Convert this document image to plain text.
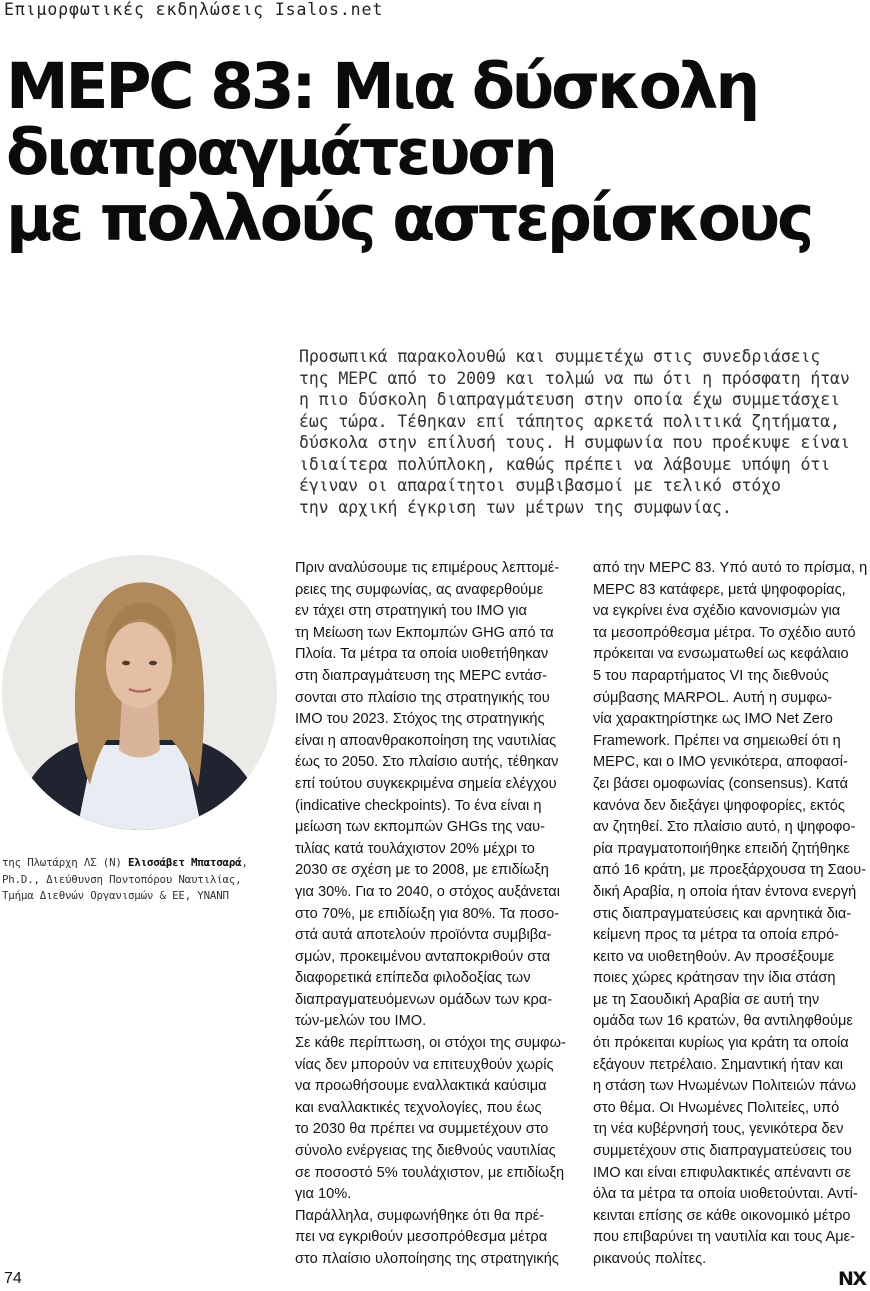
Επιμορφωτικές εκδηλώσεις Isalos.net
MEPC 83: Μια δύσκολη
διαπραγμάτευση
με πολλούς αστερίσκους
Προσωπικά παρακολουθώ και συμμετέχω στις συνεδριάσεις
της MEPC από το 2009 και τολμώ να πω ότι η πρόσφατη ήταν
η πιο δύσκολη διαπραγμάτευση στην οποία έχω συμμετάσχει
έως τώρα. Τέθηκαν επί τάπητος αρκετά πολιτικά ζητήματα,
δύσκολα στην επίλυσή τους. Η συμφωνία που προέκυψε είναι
ιδιαίτερα πολύπλοκη, καθώς πρέπει να λάβουμε υπόψη ότι
έγιναν οι απαραίτητοι συμβιβασμοί με τελικό στόχο
την αρχική έγκριση των μέτρων της συμφωνίας.
της Πλωτάρχη ΛΣ (Ν) Ελισσάβετ Μπατσαρά,
Ph.D., Διεύθυνση Ποντοπόρου Ναυτιλίας,
Τμήμα Διεθνών Οργανισμών & ΕΕ, ΥΝΑΝΠ
Πριν αναλύσουμε τις επιμέρους λεπτομέ-
ρειες της συμφωνίας, ας αναφερθούμε
εν τάχει στη στρατηγική του ΙΜΟ για
τη Μείωση των Εκπομπών GHG από τα
Πλοία. Τα μέτρα τα οποία υιοθετήθηκαν
στη διαπραγμάτευση της MEPC εντάσ-
σονται στο πλαίσιο της στρατηγικής του
ΙΜΟ του 2023. Στόχος της στρατηγικής
είναι η αποανθρακοποίηση της ναυτιλίας
έως το 2050. Στο πλαίσιο αυτής, τέθηκαν
επί τούτου συγκεκριμένα σημεία ελέγχου
(indicative checkpoints). Το ένα είναι η
μείωση των εκπομπών GHGs της ναυ-
τιλίας κατά τουλάχιστον 20% μέχρι το
2030 σε σχέση με το 2008, με επιδίωξη
για 30%. Για το 2040, ο στόχος αυξάνεται
στο 70%, με επιδίωξη για 80%. Τα ποσο-
στά αυτά αποτελούν προϊόντα συμβιβα-
σμών, προκειμένου ανταποκριθούν στα
διαφορετικά επίπεδα φιλοδοξίας των
διαπραγματευόμενων ομάδων των κρα-
τών-μελών του ΙΜΟ.
Σε κάθε περίπτωση, οι στόχοι της συμφω-
νίας δεν μπορούν να επιτευχθούν χωρίς
να προωθήσουμε εναλλακτικά καύσιμα
και εναλλακτικές τεχνολογίες, που έως
το 2030 θα πρέπει να συμμετέχουν στο
σύνολο ενέργειας της διεθνούς ναυτιλίας
σε ποσοστό 5% τουλάχιστον, με επιδίωξη
για 10%.
Παράλληλα, συμφωνήθηκε ότι θα πρέ-
πει να εγκριθούν μεσοπρόθεσμα μέτρα
στο πλαίσιο υλοποίησης της στρατηγικής
από την MEPC 83. Υπό αυτό το πρίσμα, η
MEPC 83 κατάφερε, μετά ψηφοφορίας,
να εγκρίνει ένα σχέδιο κανονισμών για
τα μεσοπρόθεσμα μέτρα. Το σχέδιο αυτό
πρόκειται να ενσωματωθεί ως κεφάλαιο
5 του παραρτήματος VI της διεθνούς
σύμβασης MARPOL. Αυτή η συμφω-
νία χαρακτηρίστηκε ως IMO Net Zero
Framework. Πρέπει να σημειωθεί ότι η
MEPC, και ο ΙΜΟ γενικότερα, αποφασί-
ζει βάσει ομοφωνίας (consensus). Κατά
κανόνα δεν διεξάγει ψηφοφορίες, εκτός
αν ζητηθεί. Στο πλαίσιο αυτό, η ψηφοφο-
ρία πραγματοποιήθηκε επειδή ζητήθηκε
από 16 κράτη, με προεξάρχουσα τη Σαου-
δική Αραβία, η οποία ήταν έντονα ενεργή
στις διαπραγματεύσεις και αρνητικά δια-
κείμενη προς τα μέτρα τα οποία επρό-
κειτο να υιοθετηθούν. Αν προσέξουμε
ποιες χώρες κράτησαν την ίδια στάση
με τη Σαουδική Αραβία σε αυτή την
ομάδα των 16 κρατών, θα αντιληφθούμε
ότι πρόκειται κυρίως για κράτη τα οποία
εξάγουν πετρέλαιο. Σημαντική ήταν και
η στάση των Ηνωμένων Πολιτειών πάνω
στο θέμα. Οι Ηνωμένες Πολιτείες, υπό
τη νέα κυβέρνησή τους, γενικότερα δεν
συμμετέχουν στις διαπραγματεύσεις του
ΙΜΟ και είναι επιφυλακτικές απέναντι σε
όλα τα μέτρα τα οποία υιοθετούνται. Αντί-
κεινται επίσης σε κάθε οικονομικό μέτρο
που επιβαρύνει τη ναυτιλία και τους Αμε-
ρικανούς πολίτες.
74	NX
